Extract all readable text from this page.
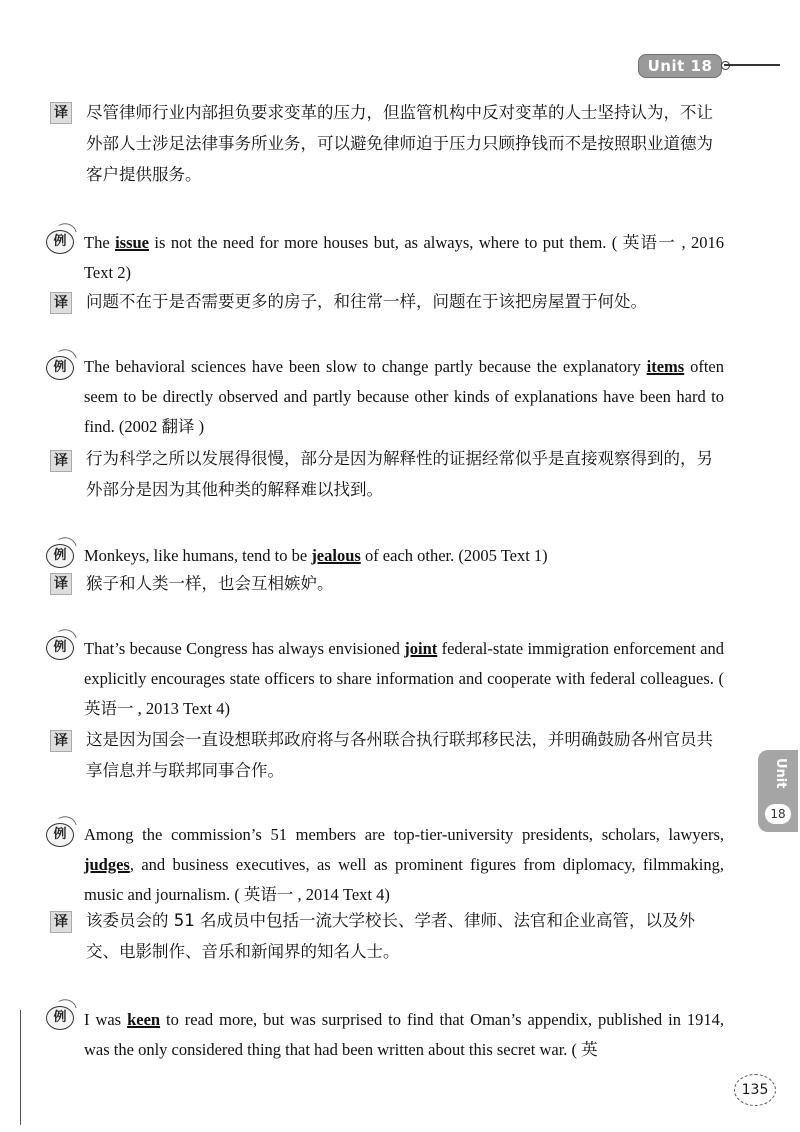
Unit 18
译 尽管律师行业内部担负要求变革的压力，但监管机构中反对变革的人士坚持认为，不让外部人士涉足法律事务所业务，可以避免律师迫于压力只顾挣钱而不是按照职业道德为客户提供服务。
例	The issue is not the need for more houses but, as always, where to put them. ( 英语一 , 2016 Text 2)
译 问题不在于是否需要更多的房子，和往常一样，问题在于该把房屋置于何处。
例	The behavioral sciences have been slow to change partly because the explanatory items often seem to be directly observed and partly because other kinds of explanations have been hard to find. (2002 翻译 )
译 行为科学之所以发展得很慢，部分是因为解释性的证据经常似乎是直接观察得到的，另外部分是因为其他种类的解释难以找到。
例	Monkeys, like humans, tend to be jealous of each other. (2005 Text 1)
译 猴子和人类一样，也会互相嫉妒。
例	That’s because Congress has always envisioned joint federal-state immigration enforcement and explicitly encourages state officers to share information and cooperate with federal colleagues. ( 英语一 , 2013 Text 4)
译 这是因为国会一直设想联邦政府将与各州联合执行联邦移民法，并明确鼓励各州官员共享信息并与联邦同事合作。
例	Among the commission’s 51 members are top-tier-university presidents, scholars, lawyers, judges, and business executives, as well as prominent figures from diplomacy, filmmaking, music and journalism. ( 英语一 , 2014 Text 4)
译 该委员会的 51 名成员中包括一流大学校长、学者、律师、法官和企业高管，以及外交、电影制作、音乐和新闻界的知名人士。
例	I was keen to read more, but was surprised to find that Oman’s appendix, published in 1914, was the only considered thing that had been written about this secret war. ( 英
Unit
18
135
